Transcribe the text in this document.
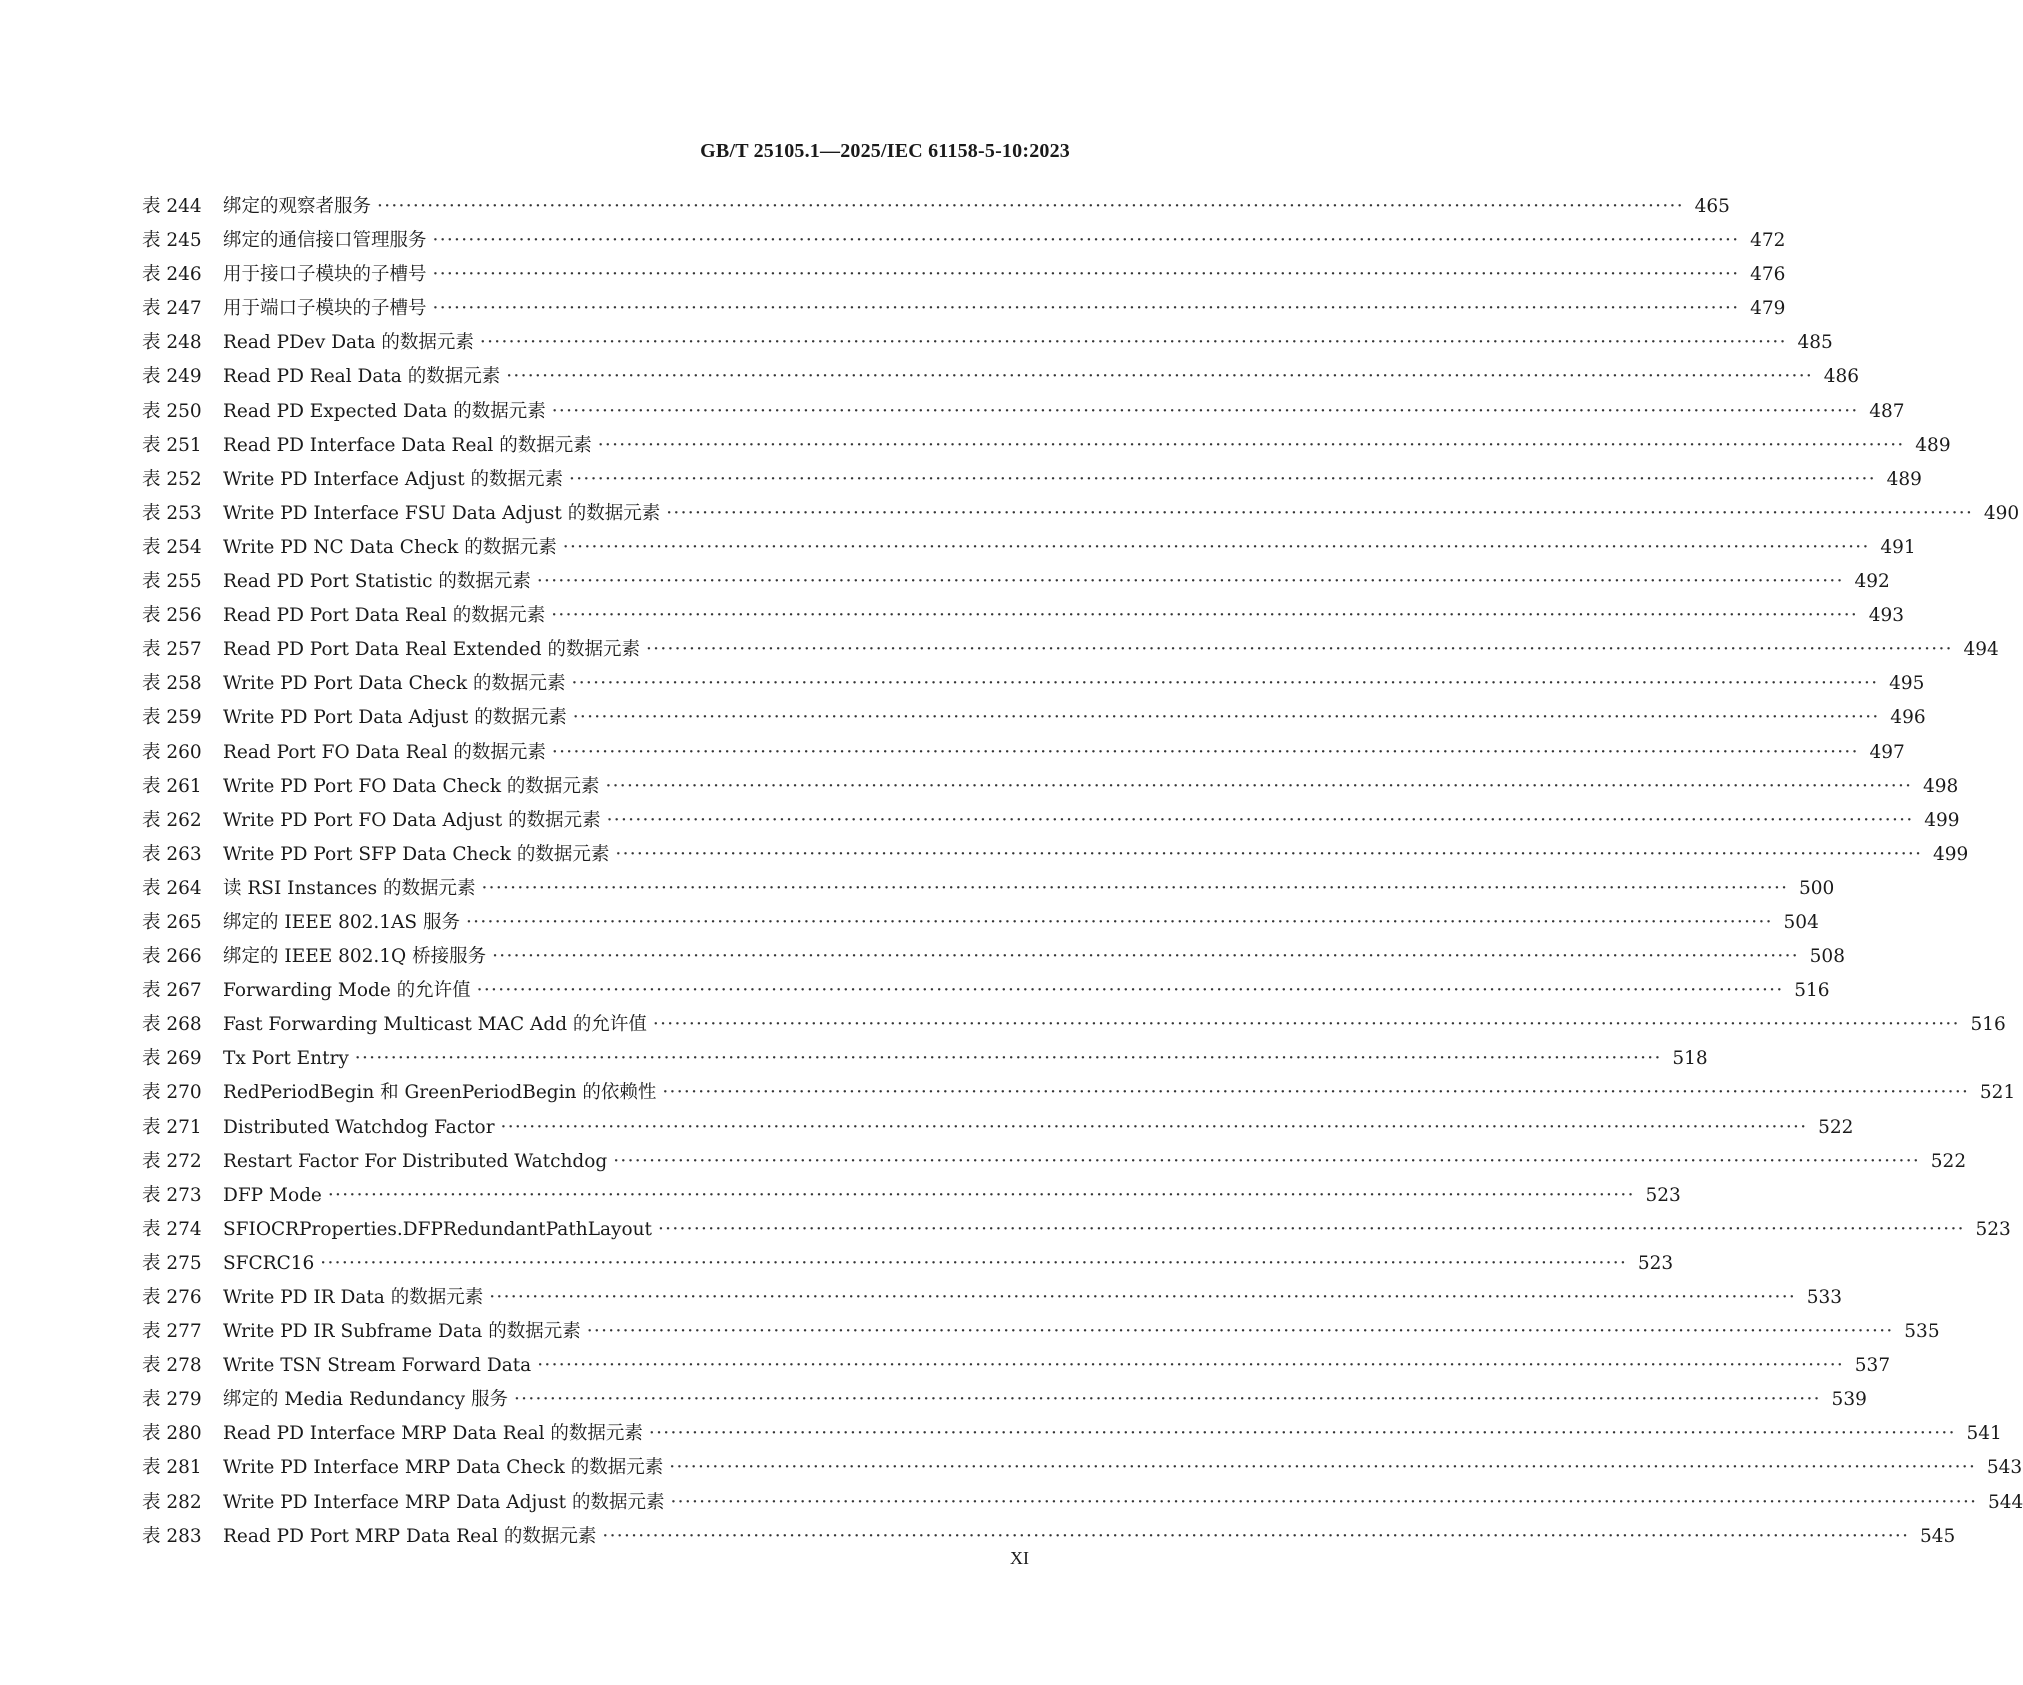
GB/T 25105.1—2025/IEC 61158-5-10:2023
表 244	绑定的观察者服务 ·····	465
表 245	绑定的通信接口管理服务 ·····	472
表 246	用于接口子模块的子槽号 ·····	476
表 247	用于端口子模块的子槽号 ·····	479
表 248	Read PDev Data 的数据元素 ·····	485
表 249	Read PD Real Data 的数据元素 ·····	486
表 250	Read PD Expected Data 的数据元素 ·····	487
表 251	Read PD Interface Data Real 的数据元素 ·····	489
表 252	Write PD Interface Adjust 的数据元素 ·····	489
表 253	Write PD Interface FSU Data Adjust 的数据元素 ·····	490
表 254	Write PD NC Data Check 的数据元素 ·····	491
表 255	Read PD Port Statistic 的数据元素 ·····	492
表 256	Read PD Port Data Real 的数据元素 ·····	493
表 257	Read PD Port Data Real Extended 的数据元素 ·····	494
表 258	Write PD Port Data Check 的数据元素 ·····	495
表 259	Write PD Port Data Adjust 的数据元素 ·····	496
表 260	Read Port FO Data Real 的数据元素 ·····	497
表 261	Write PD Port FO Data Check 的数据元素 ·····	498
表 262	Write PD Port FO Data Adjust 的数据元素 ·····	499
表 263	Write PD Port SFP Data Check 的数据元素 ·····	499
表 264	读 RSI Instances 的数据元素 ·····	500
表 265	绑定的 IEEE 802.1AS 服务 ·····	504
表 266	绑定的 IEEE 802.1Q 桥接服务 ·····	508
表 267	Forwarding Mode 的允许值 ·····	516
表 268	Fast Forwarding Multicast MAC Add 的允许值 ·····	516
表 269	Tx Port Entry ·····	518
表 270	RedPeriodBegin 和 GreenPeriodBegin 的依赖性 ·····	521
表 271	Distributed Watchdog Factor ·····	522
表 272	Restart Factor For Distributed Watchdog ·····	522
表 273	DFP Mode ·····	523
表 274	SFIOCRProperties.DFPRedundantPathLayout ·····	523
表 275	SFCRC16 ·····	523
表 276	Write PD IR Data 的数据元素 ·····	533
表 277	Write PD IR Subframe Data 的数据元素 ·····	535
表 278	Write TSN Stream Forward Data ·····	537
表 279	绑定的 Media Redundancy 服务 ·····	539
表 280	Read PD Interface MRP Data Real 的数据元素 ·····	541
表 281	Write PD Interface MRP Data Check 的数据元素 ·····	543
表 282	Write PD Interface MRP Data Adjust 的数据元素 ·····	544
表 283	Read PD Port MRP Data Real 的数据元素 ·····	545
XI
